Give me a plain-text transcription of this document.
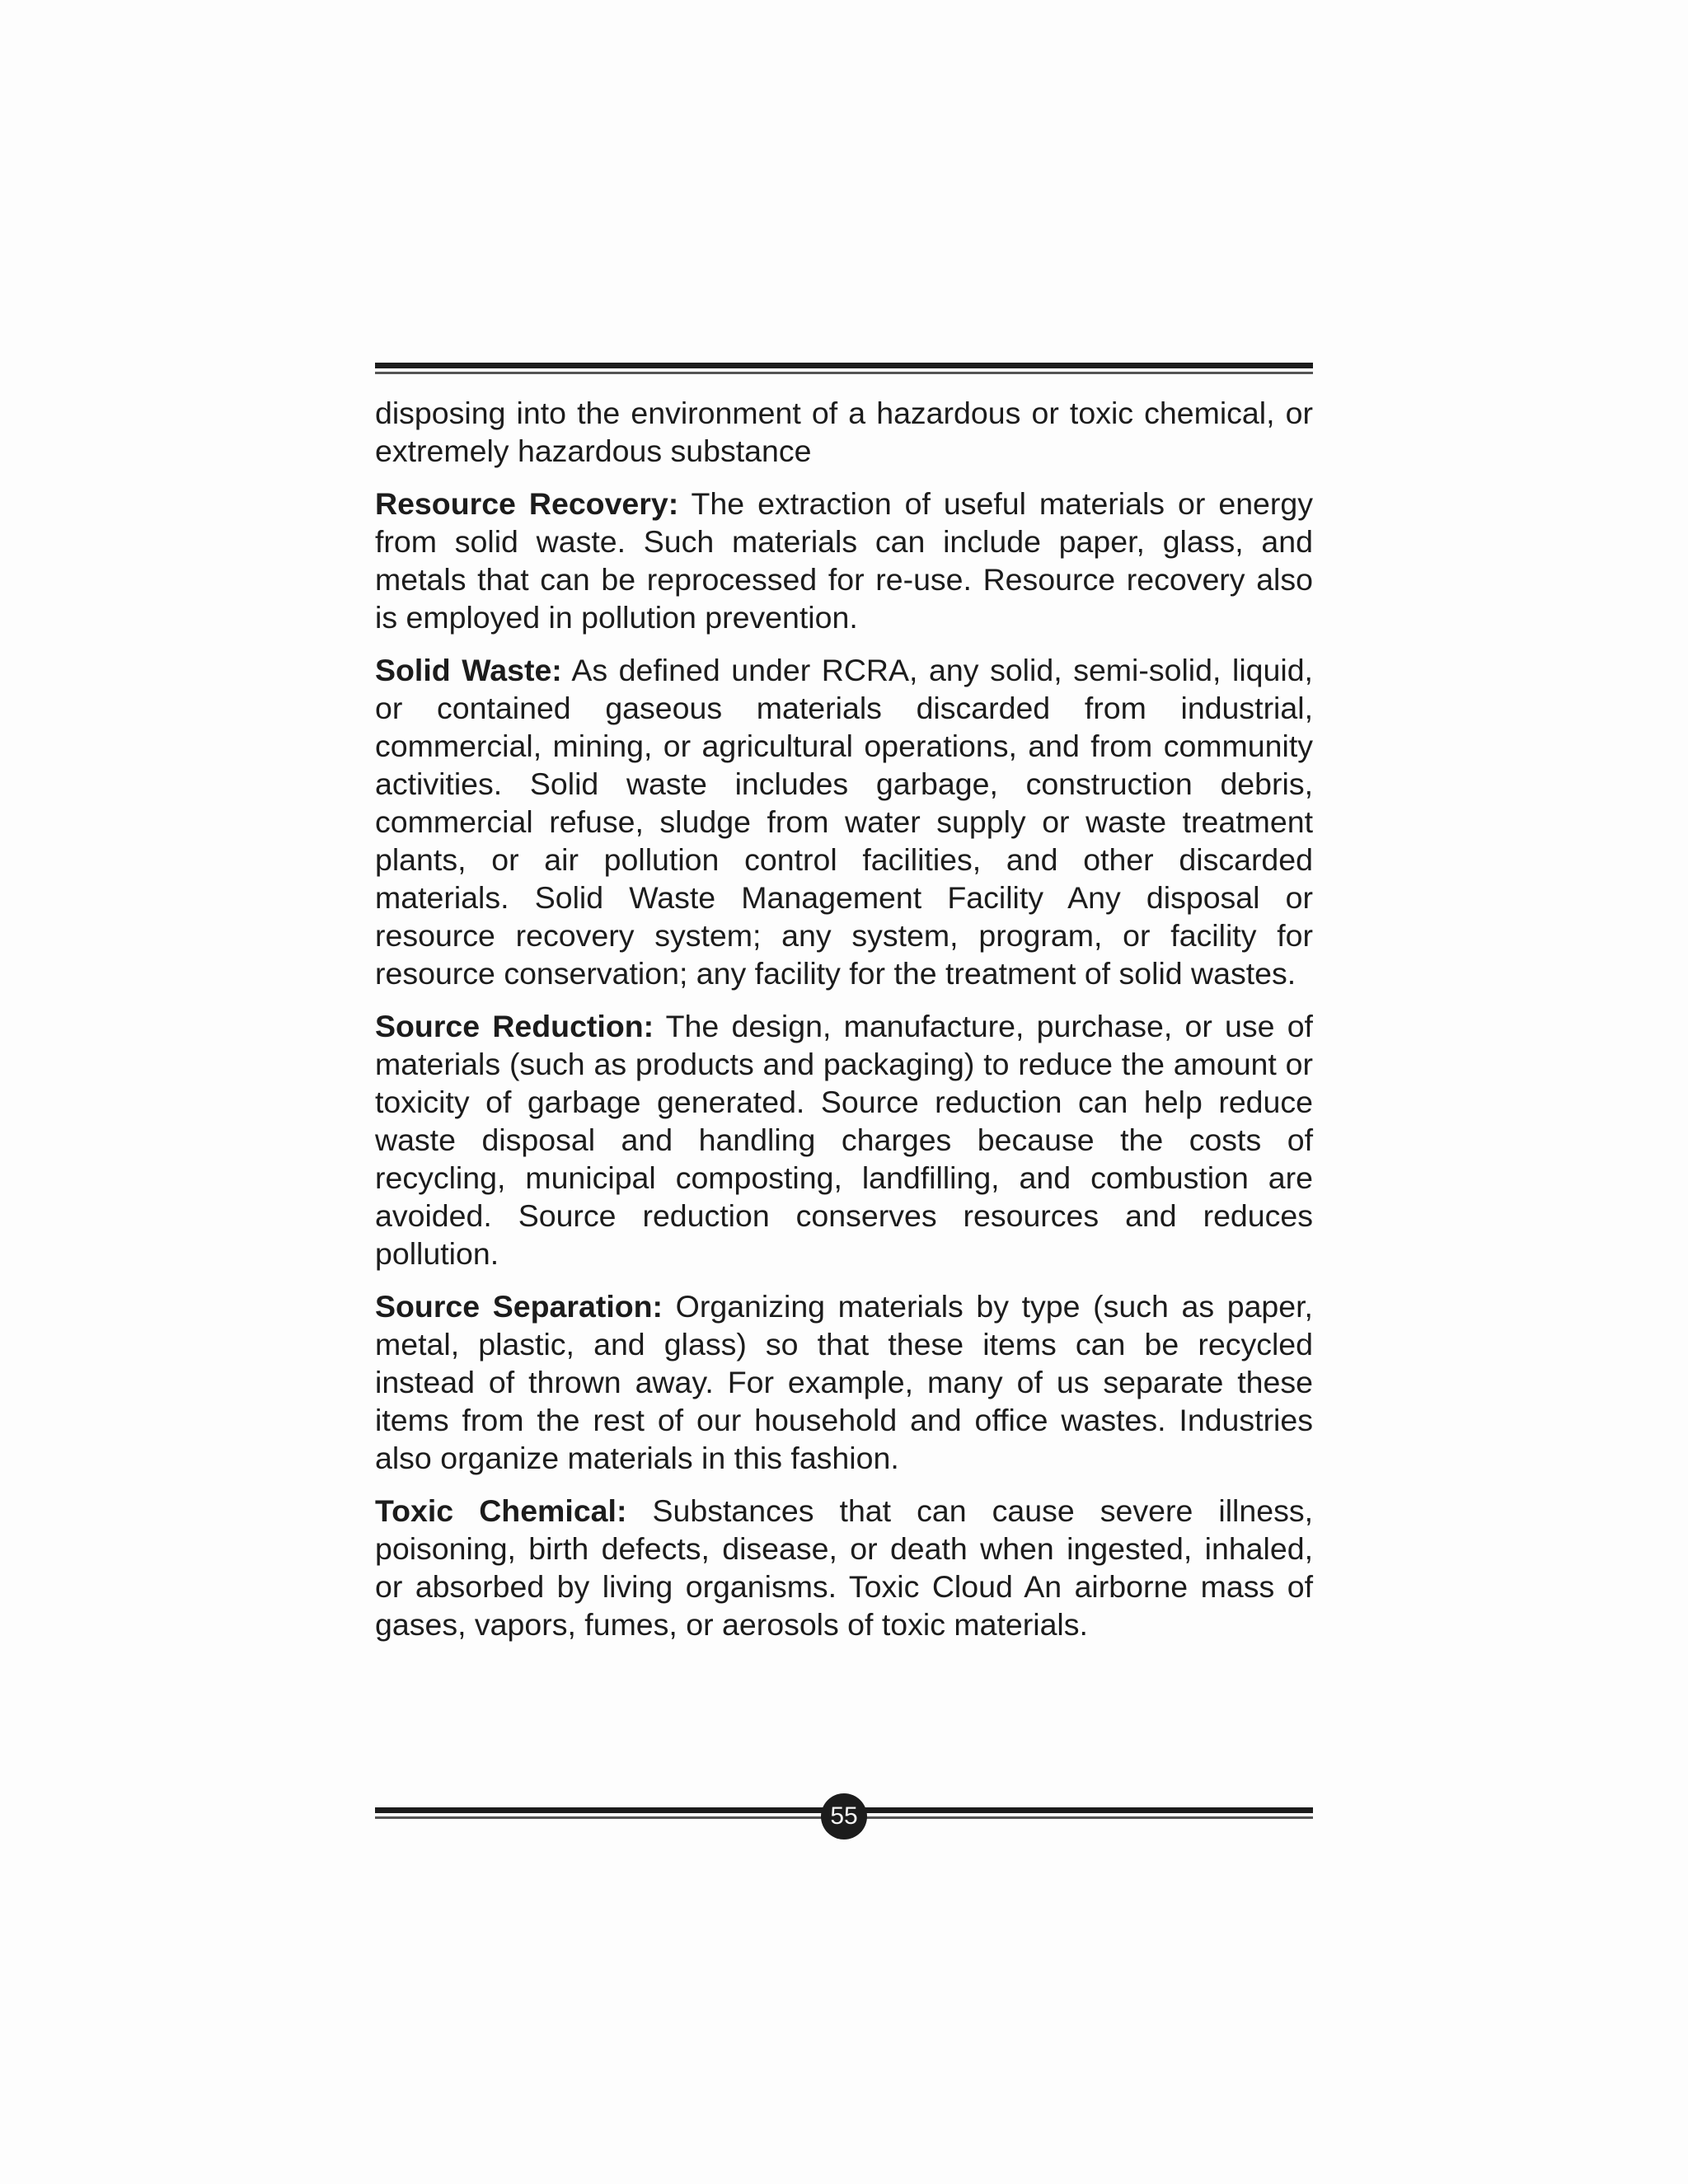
disposing into the environment of a hazardous or toxic chemical, or extremely hazardous substance

Resource Recovery: The extraction of useful materials or energy from solid waste. Such materials can include paper, glass, and metals that can be reprocessed for re-use. Resource recovery also is employed in pollution prevention.

Solid Waste: As defined under RCRA, any solid, semi-solid, liquid, or contained gaseous materials discarded from industrial, commercial, mining, or agricultural operations, and from community activities. Solid waste includes garbage, construction debris, commercial refuse, sludge from water supply or waste treatment plants, or air pollution control facilities, and other discarded materials. Solid Waste Management Facility Any disposal or resource recovery system; any system, program, or facility for resource conservation; any facility for the treatment of solid wastes.

Source Reduction: The design, manufacture, purchase, or use of materials (such as products and packaging) to reduce the amount or toxicity of garbage generated. Source reduction can help reduce waste disposal and handling charges because the costs of recycling, municipal composting, landfilling, and combustion are avoided. Source reduction conserves resources and reduces pollution.

Source Separation: Organizing materials by type (such as paper, metal, plastic, and glass) so that these items can be recycled instead of thrown away. For example, many of us separate these items from the rest of our household and office wastes. Industries also organize materials in this fashion.

Toxic Chemical: Substances that can cause severe illness, poisoning, birth defects, disease, or death when ingested, inhaled, or absorbed by living organisms. Toxic Cloud An airborne mass of gases, vapors, fumes, or aerosols of toxic materials.

55
